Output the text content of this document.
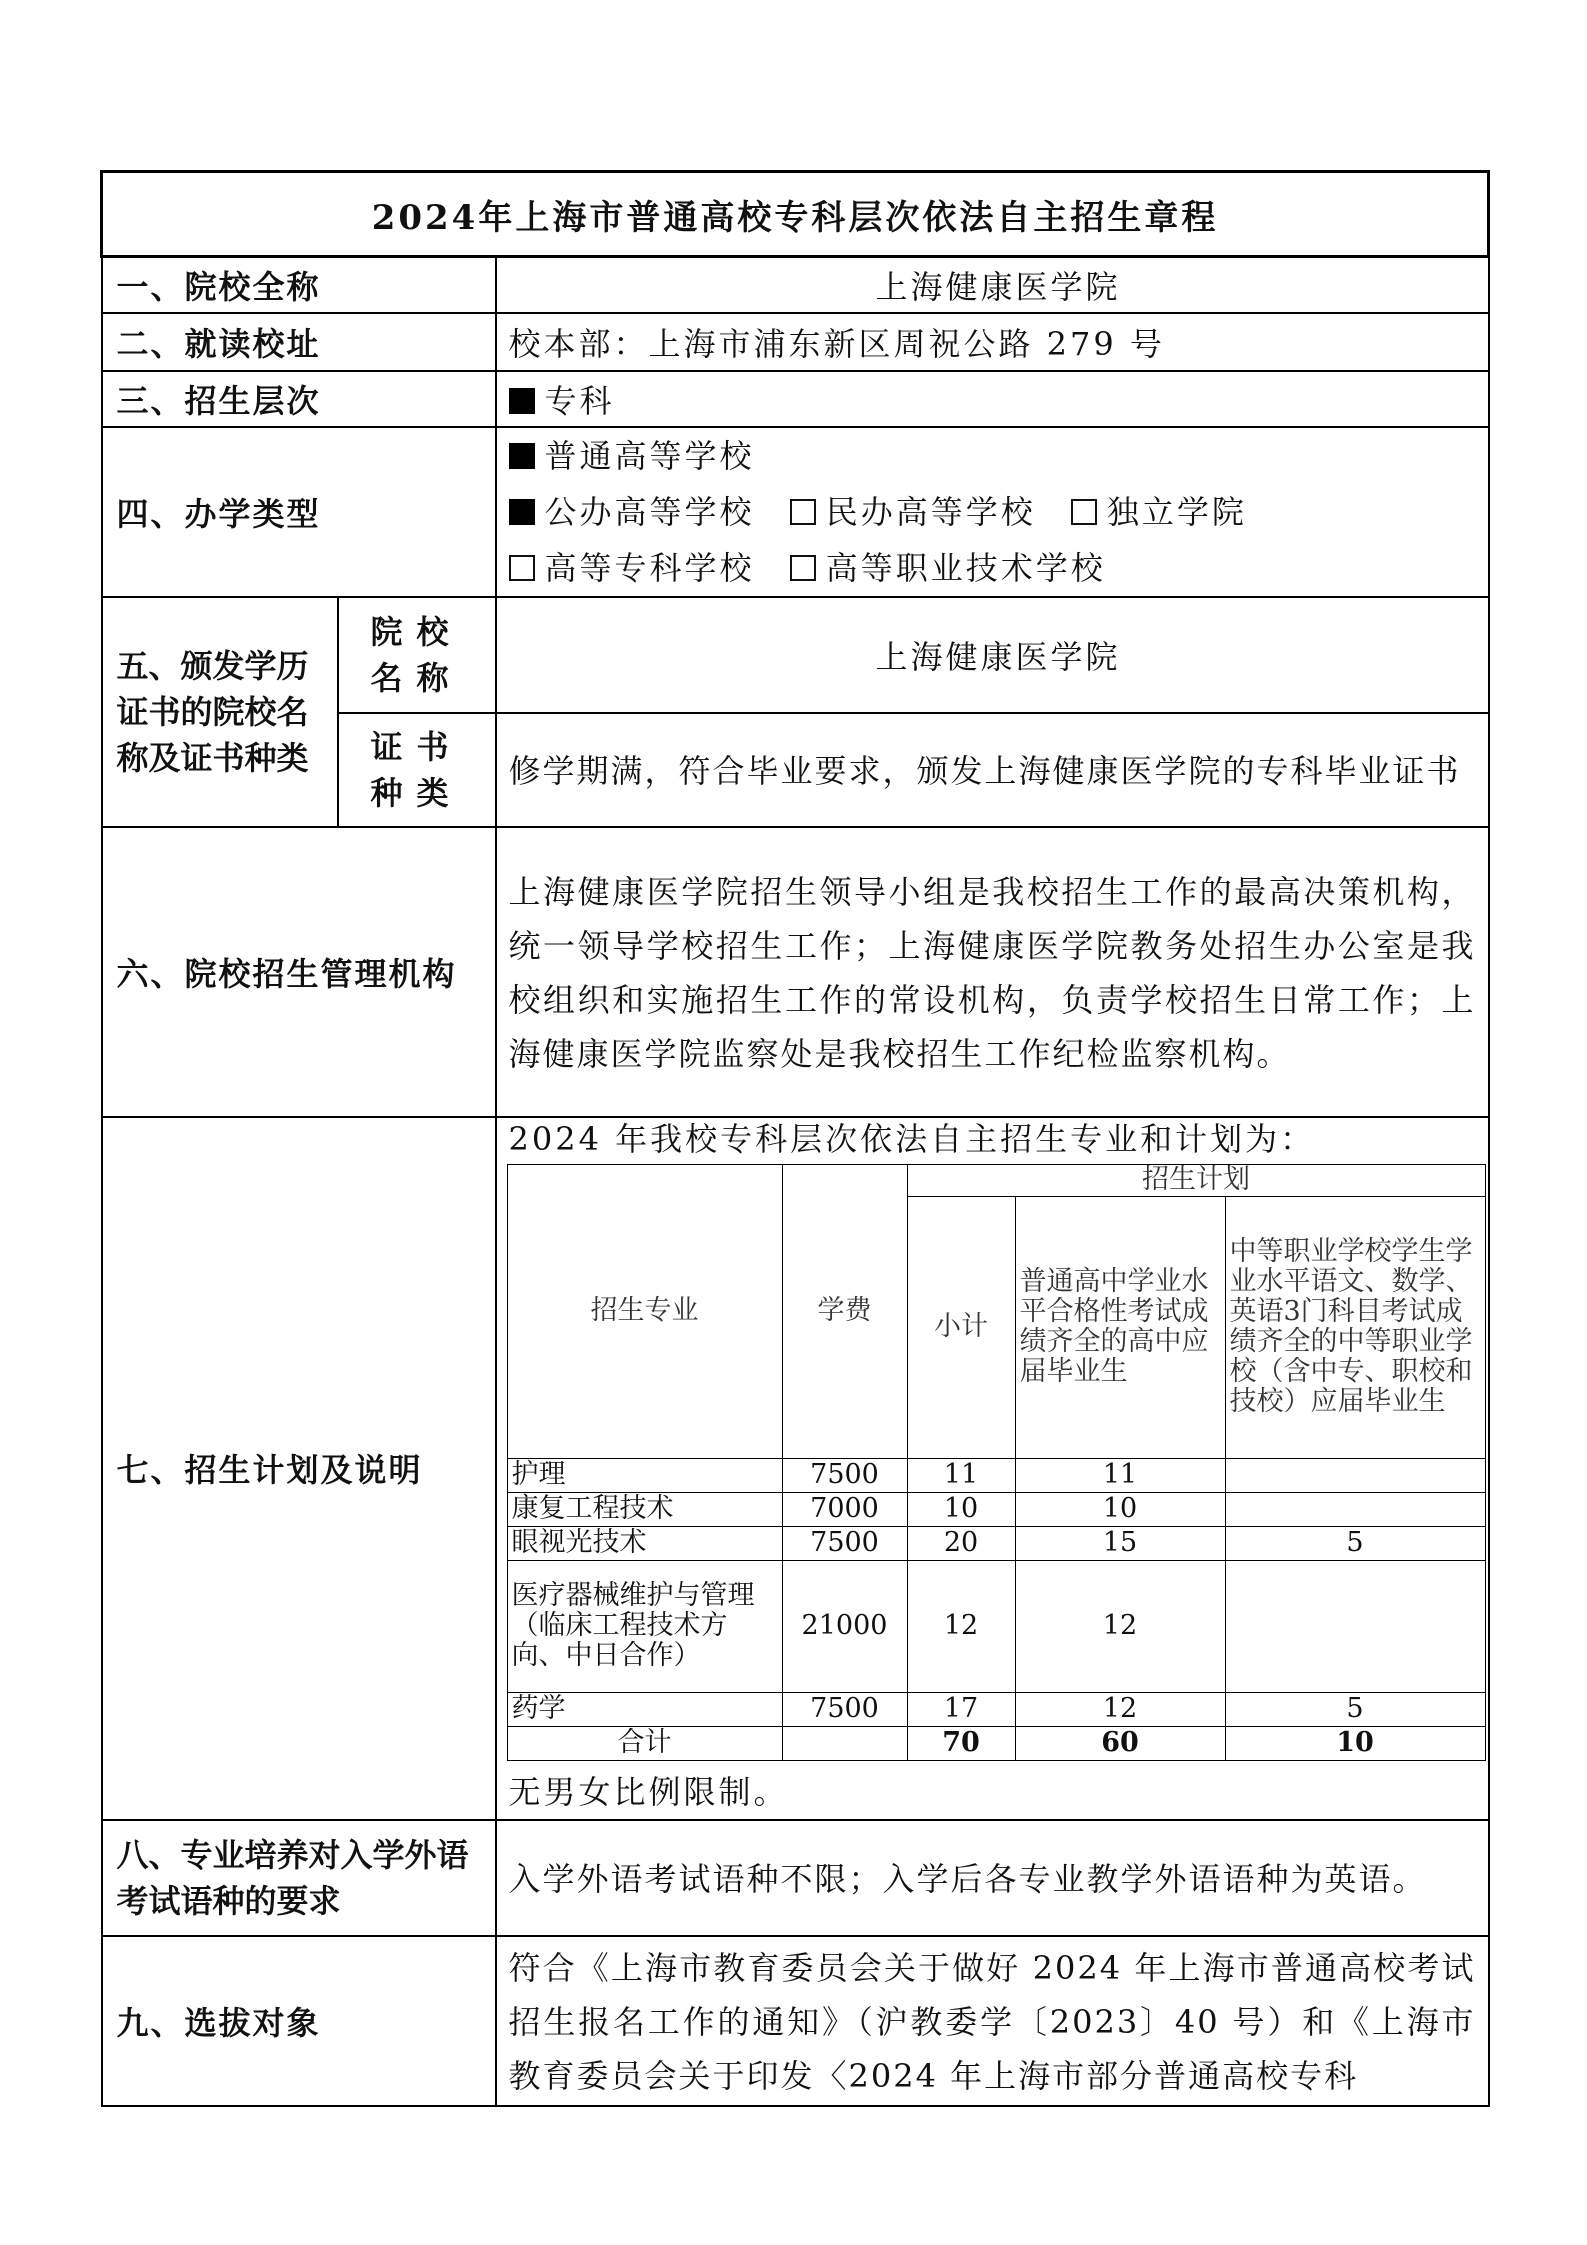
2024年上海市普通高校专科层次依法自主招生章程
一、院校全称	上海健康医学院
二、就读校址	校本部：上海市浦东新区周祝公路 279 号
三、招生层次	专科
四、办学类型	
普通高等学校
公办高等学校 民办高等学校 独立学院
高等专科学校 高等职业技术学校

五、颁发学历证书的院校名称及证书种类	院校名称	上海健康医学院
证书种类	修学期满，符合毕业要求，颁发上海健康医学院的专科毕业证书
六、院校招生管理机构	上海健康医学院招生领导小组是我校招生工作的最高决策机构，统一领导学校招生工作；上海健康医学院教务处招生办公室是我校组织和实施招生工作的常设机构，负责学校招生日常工作；上海健康医学院监察处是我校招生工作纪检监察机构。
七、招生计划及说明	
2024 年我校专科层次依法自主招生专业和计划为：
招生专业	学费	招生计划
小计	普通高中学业水平合格性考试成绩齐全的高中应届毕业生	中等职业学校学生学业水平语文、数学、英语3门科目考试成绩齐全的中等职业学校（含中专、职校和技校）应届毕业生
护理	7500	11	11	
康复工程技术	7000	10	10	
眼视光技术	7500	20	15	5
医疗器械维护与管理（临床工程技术方向、中日合作）	21000	12	12	
药学	7500	17	12	5
合计		70	60	10
无男女比例限制。

八、专业培养对入学外语考试语种的要求	入学外语考试语种不限；入学后各专业教学外语语种为英语。
九、选拔对象	符合《上海市教育委员会关于做好 2024 年上海市普通高校考试招生报名工作的通知》（沪教委学〔2023〕40 号）和《上海市教育委员会关于印发〈2024 年上海市部分普通高校专科
